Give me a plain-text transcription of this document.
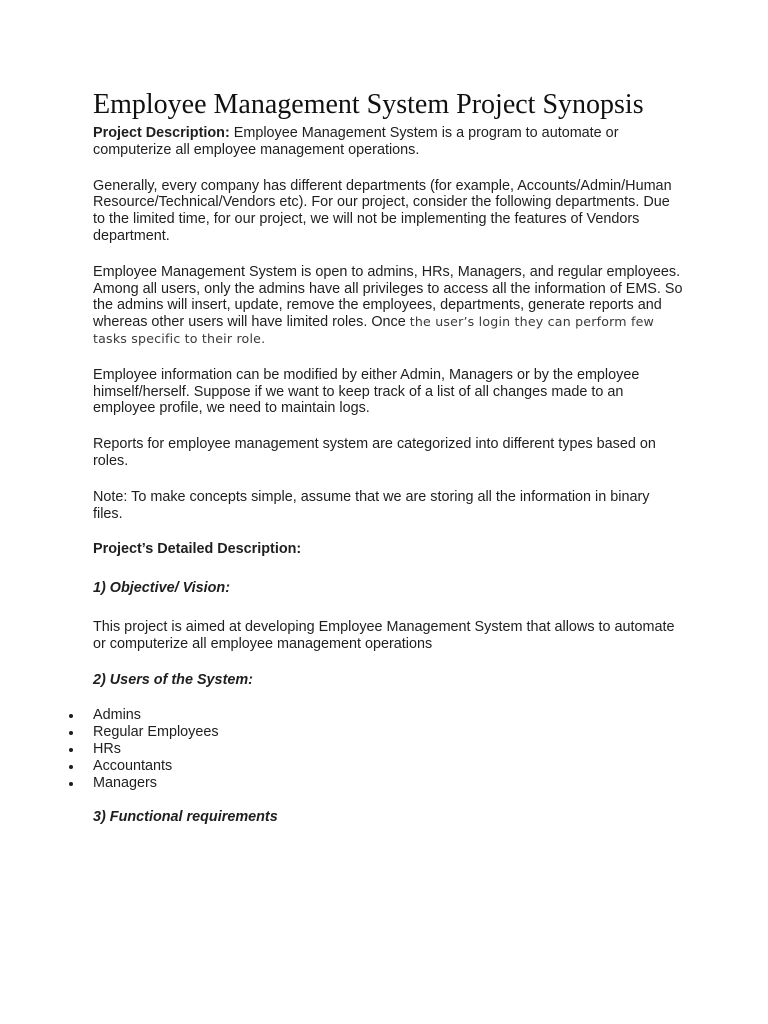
Employee Management System Project Synopsis

Project Description: Employee Management System is a program to automate or computerize all employee management operations.

Generally, every company has different departments (for example, Accounts/Admin/Human Resource/Technical/Vendors etc). For our project, consider the following departments. Due to the limited time, for our project, we will not be implementing the features of Vendors department.

Employee Management System is open to admins, HRs, Managers, and regular employees. Among all users, only the admins have all privileges to access all the information of EMS. So the admins will insert, update, remove the employees, departments, generate reports and whereas other users will have limited roles. Once the user’s login they can perform few tasks specific to their role.

Employee information can be modified by either Admin, Managers or by the employee himself/herself. Suppose if we want to keep track of a list of all changes made to an employee profile, we need to maintain logs.

Reports for employee management system are categorized into different types based on roles.

Note: To make concepts simple, assume that we are storing all the information in binary files.

Project’s Detailed Description:

1) Objective/ Vision:

This project is aimed at developing Employee Management System that allows to automate or computerize all employee management operations

2) Users of the System:

Admins
Regular Employees
HRs
Accountants
Managers

3) Functional requirements
